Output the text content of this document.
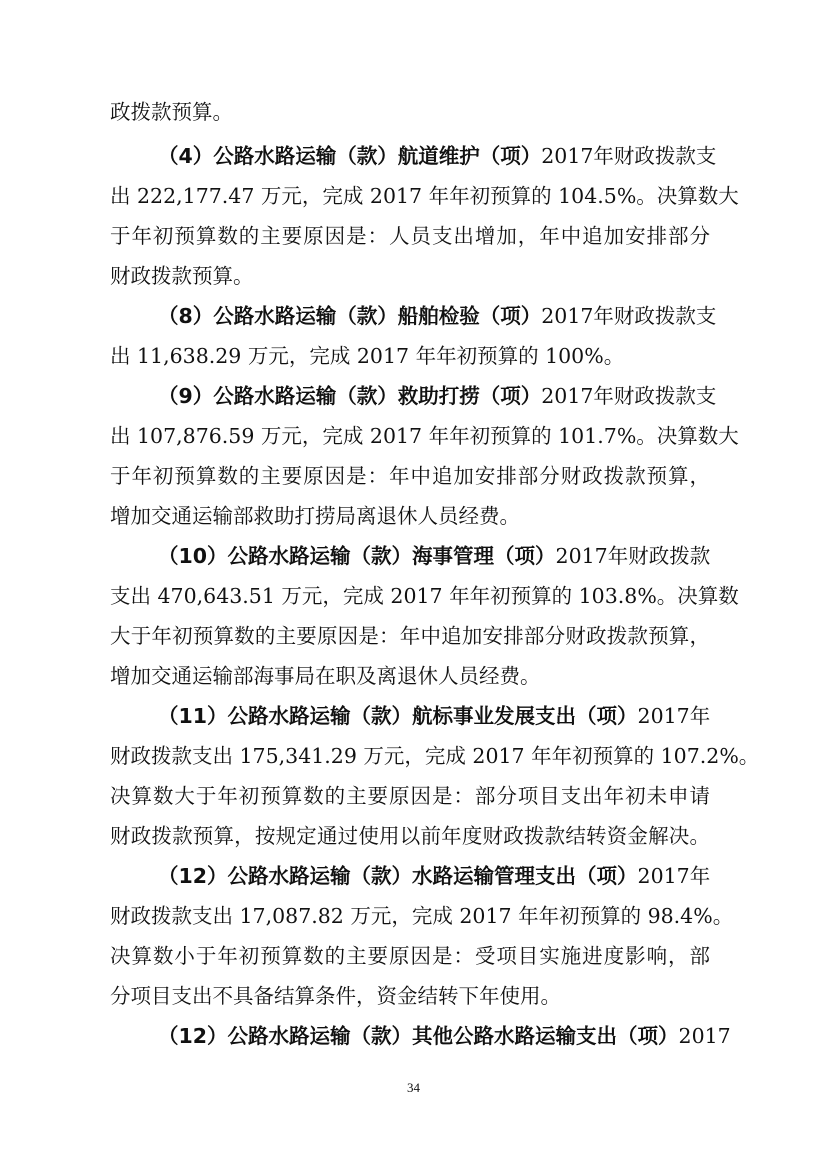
政拨款预算。
（4）公路水路运输（款）航道维护（项）2017年财政拨款支
出 222,177.47 万元，完成 2017 年年初预算的 104.5%。决算数大
于年初预算数的主要原因是：人员支出增加，年中追加安排部分
财政拨款预算。
（8）公路水路运输（款）船舶检验（项）2017年财政拨款支
出 11,638.29 万元，完成 2017 年年初预算的 100%。
（9）公路水路运输（款）救助打捞（项）2017年财政拨款支
出 107,876.59 万元，完成 2017 年年初预算的 101.7%。决算数大
于年初预算数的主要原因是：年中追加安排部分财政拨款预算，
增加交通运输部救助打捞局离退休人员经费。
（10）公路水路运输（款）海事管理（项）2017年财政拨款
支出 470,643.51 万元，完成 2017 年年初预算的 103.8%。决算数
大于年初预算数的主要原因是：年中追加安排部分财政拨款预算，
增加交通运输部海事局在职及离退休人员经费。
（11）公路水路运输（款）航标事业发展支出（项）2017年
财政拨款支出 175,341.29 万元，完成 2017 年年初预算的 107.2%。
决算数大于年初预算数的主要原因是：部分项目支出年初未申请
财政拨款预算，按规定通过使用以前年度财政拨款结转资金解决。
（12）公路水路运输（款）水路运输管理支出（项）2017年
财政拨款支出 17,087.82 万元，完成 2017 年年初预算的 98.4%。
决算数小于年初预算数的主要原因是：受项目实施进度影响，部
分项目支出不具备结算条件，资金结转下年使用。
（12）公路水路运输（款）其他公路水路运输支出（项）2017
34
